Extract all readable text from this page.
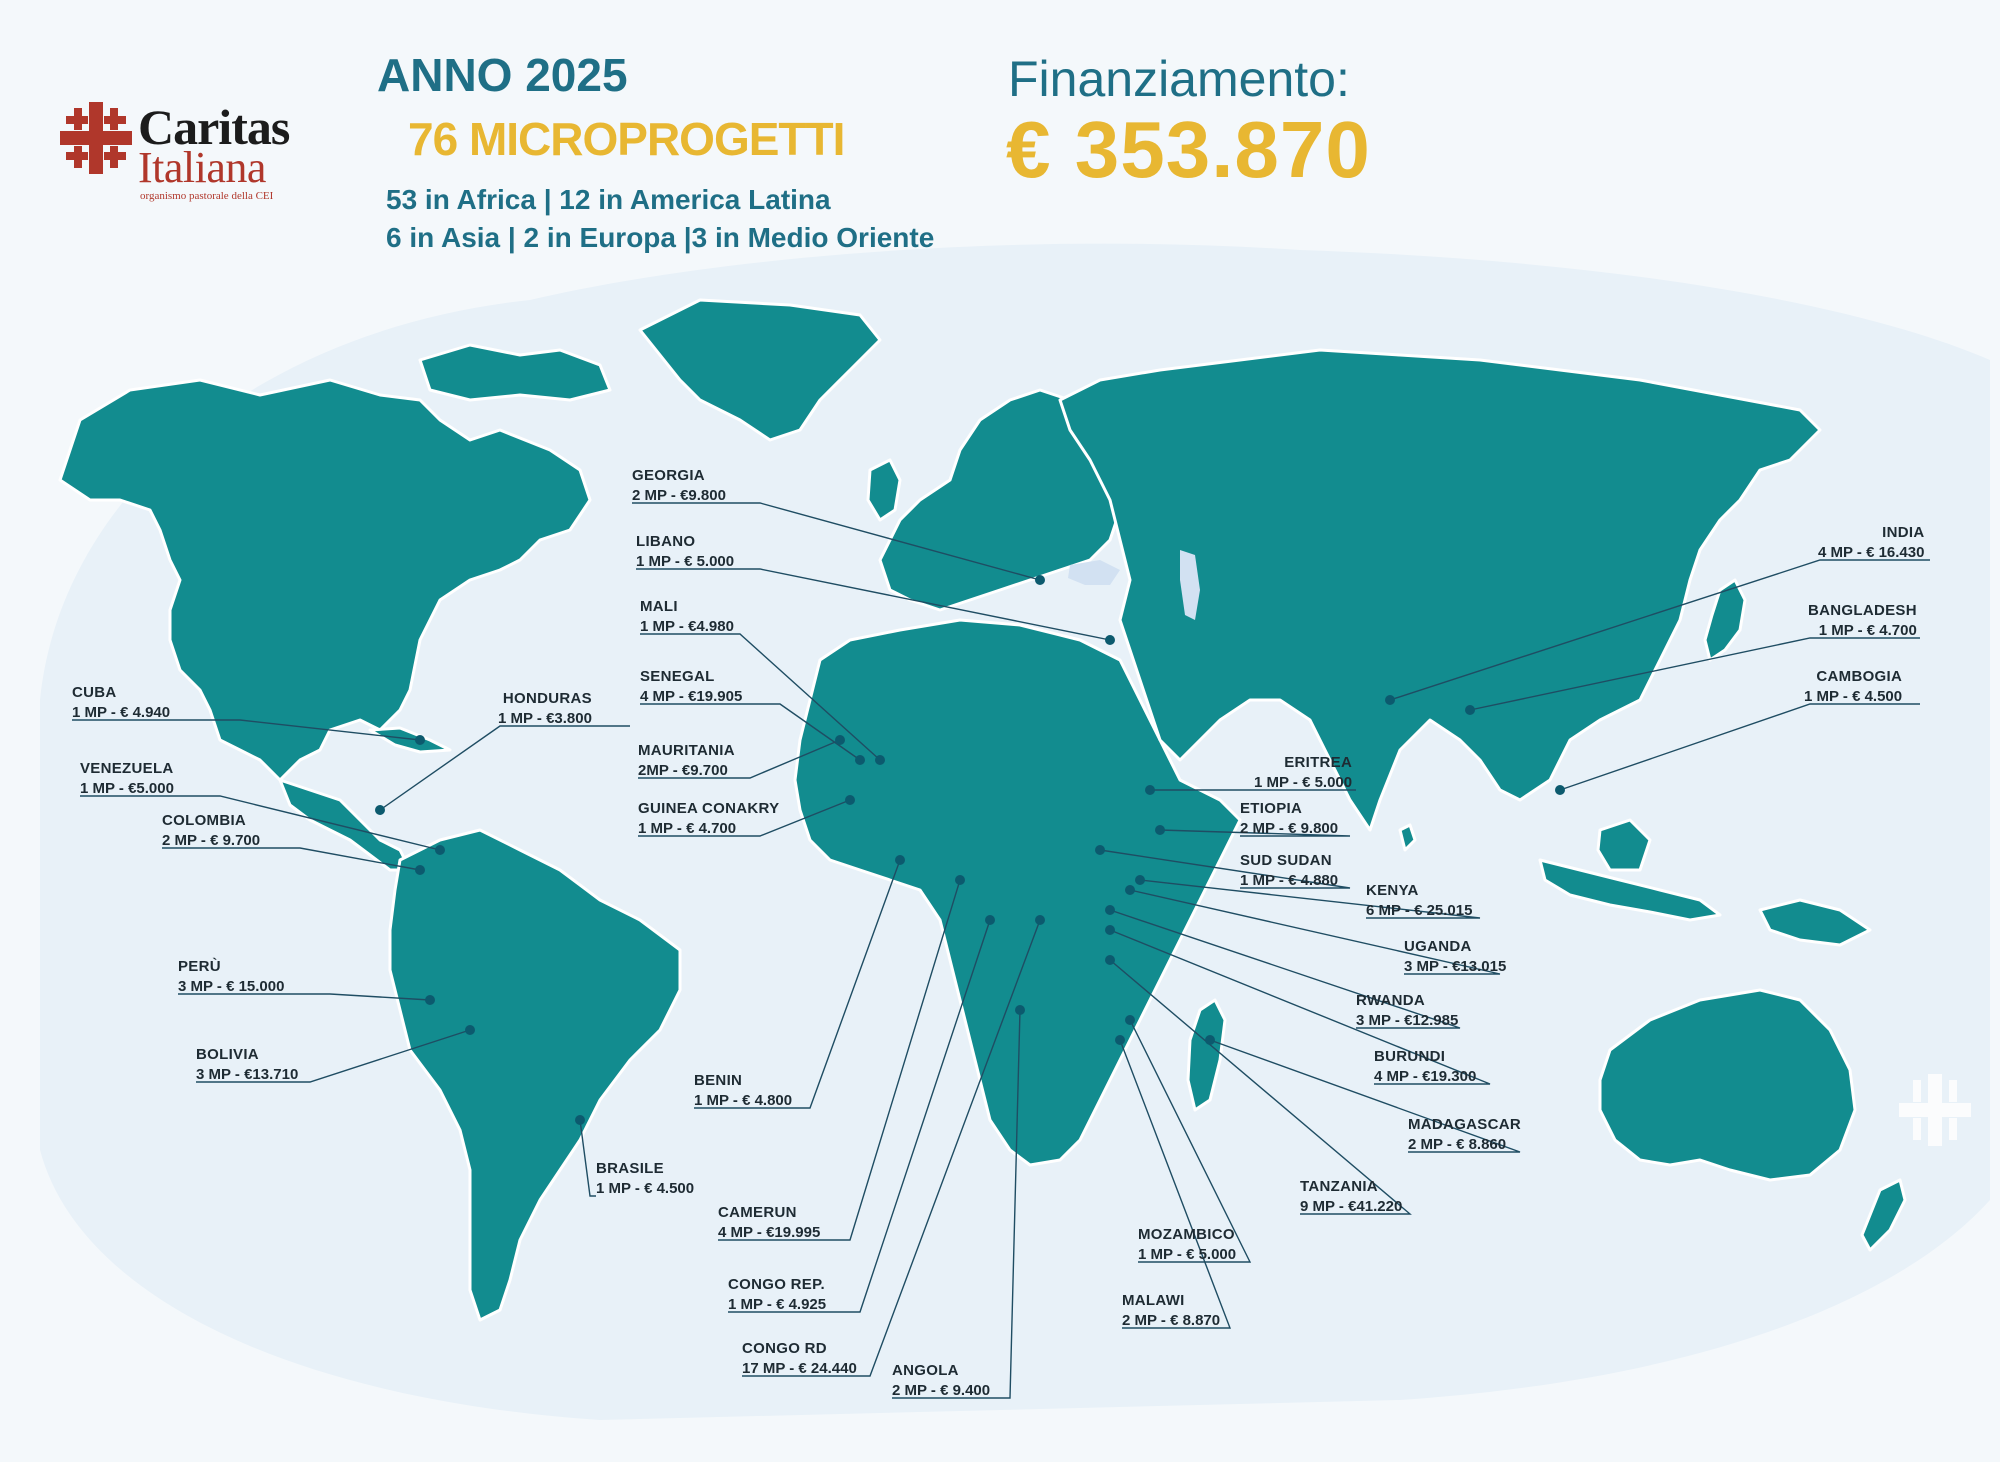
Caritas
Italiana
organismo pastorale della CEI
ANNO 2025
76 MICROPROGETTI
53 in Africa | 12 in America Latina
6 in Asia | 2 in Europa |3 in Medio Oriente
Finanziamento:
€ 353.870
GEORGIA
2 MP - €9.800
LIBANO
1 MP - € 5.000
MALI
1 MP - €4.980
SENEGAL
4 MP - €19.905
MAURITANIA
2MP - €9.700
GUINEA CONAKRY
1 MP - € 4.700
CUBA
1 MP - € 4.940
HONDURAS
1 MP - €3.800
VENEZUELA
1 MP - €5.000
COLOMBIA
2 MP - € 9.700
PERÙ
3 MP - € 15.000
BOLIVIA
3 MP - €13.710
BRASILE
1 MP - € 4.500
BENIN
1 MP - € 4.800
CAMERUN
4 MP - €19.995
CONGO REP.
1 MP - € 4.925
CONGO RD
17 MP - € 24.440 ANGOLA
2 MP - € 9.400
MALAWI
2 MP - € 8.870
MOZAMBICO
1 MP - € 5.000
TANZANIA
9 MP - €41.220
MADAGASCAR
2 MP - € 8.860
BURUNDI
4 MP - €19.300
RWANDA
3 MP - €12.985
UGANDA
3 MP - €13.015
KENYA
6 MP - € 25.015
SUD SUDAN
1 MP - € 4.880
ETIOPIA
2 MP - € 9.800
ERITREA
1 MP - € 5.000
INDIA
4 MP - € 16.430
BANGLADESH
1 MP - € 4.700
CAMBOGIA
1 MP - € 4.500
